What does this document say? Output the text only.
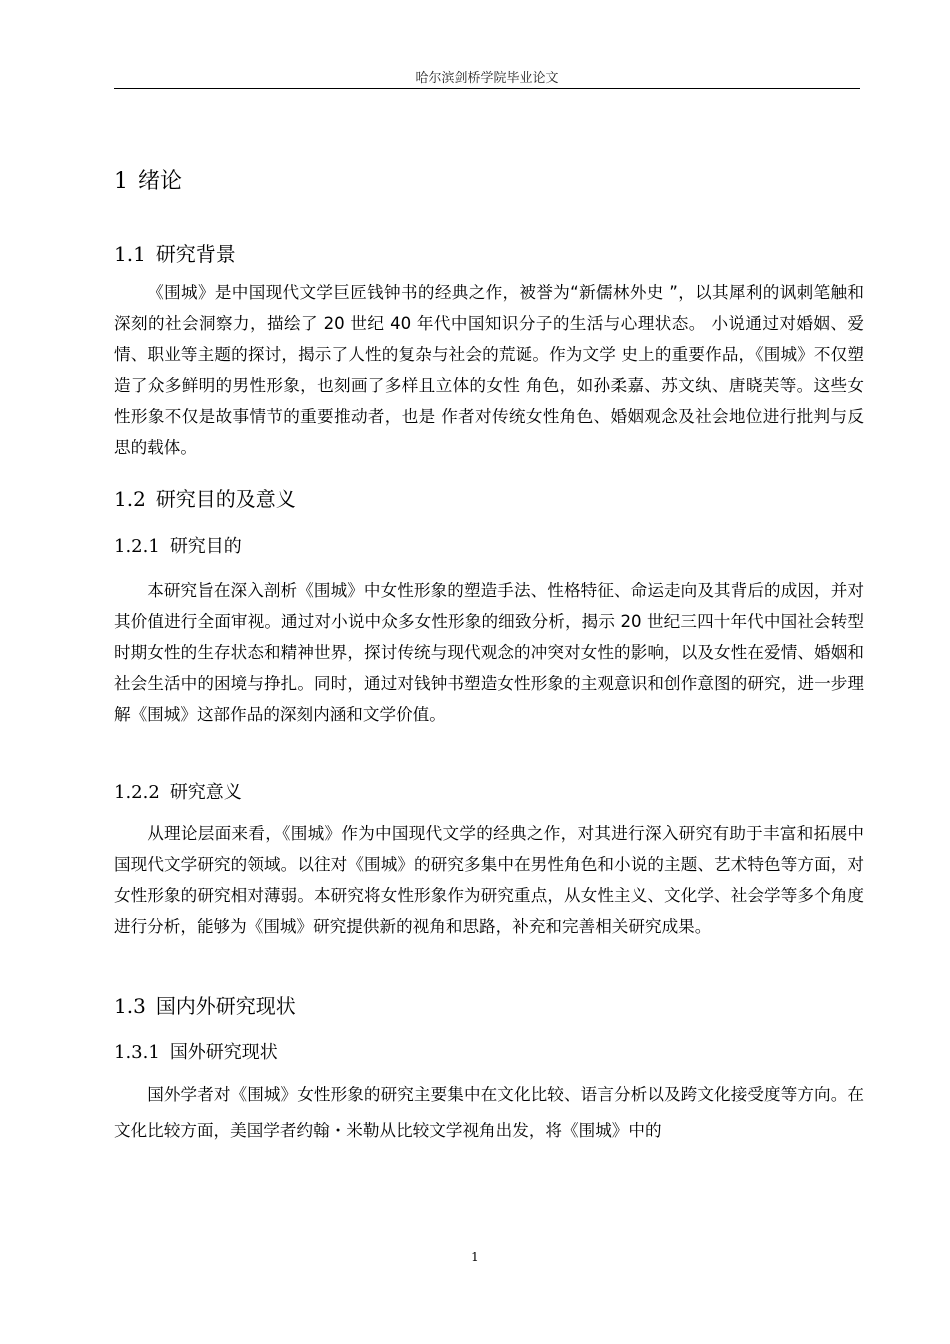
哈尔滨剑桥学院毕业论文
1 绪论
1.1 研究背景
《围城》是中国现代文学巨匠钱钟书的经典之作，被誉为“新儒林外史 ”，以其犀利的讽刺笔触和深刻的社会洞察力，描绘了 20 世纪 40 年代中国知识分子的生活与心理状态。 小说通过对婚姻、爱情、职业等主题的探讨，揭示了人性的复杂与社会的荒诞。作为文学 史上的重要作品，《围城》不仅塑造了众多鲜明的男性形象，也刻画了多样且立体的女性 角色，如孙柔嘉、苏文纨、唐晓芙等。这些女性形象不仅是故事情节的重要推动者，也是 作者对传统女性角色、婚姻观念及社会地位进行批判与反思的载体。
1.2 研究目的及意义
1.2.1 研究目的
本研究旨在深入剖析《围城》中女性形象的塑造手法、性格特征、命运走向及其背后的成因，并对其价值进行全面审视。通过对小说中众多女性形象的细致分析，揭示 20 世纪三四十年代中国社会转型时期女性的生存状态和精神世界，探讨传统与现代观念的冲突对女性的影响，以及女性在爱情、婚姻和社会生活中的困境与挣扎。同时，通过对钱钟书塑造女性形象的主观意识和创作意图的研究，进一步理解《围城》这部作品的深刻内涵和文学价值。
1.2.2 研究意义
从理论层面来看，《围城》作为中国现代文学的经典之作，对其进行深入研究有助于丰富和拓展中国现代文学研究的领域。以往对《围城》的研究多集中在男性角色和小说的主题、艺术特色等方面，对女性形象的研究相对薄弱。本研究将女性形象作为研究重点，从女性主义、文化学、社会学等多个角度进行分析，能够为《围城》研究提供新的视角和思路，补充和完善相关研究成果。
1.3 国内外研究现状
1.3.1 国外研究现状
国外学者对《围城》女性形象的研究主要集中在文化比较、语言分析以及跨文化接受度等方向。在文化比较方面，美国学者约翰・米勒从比较文学视角出发，将《围城》中的
1
